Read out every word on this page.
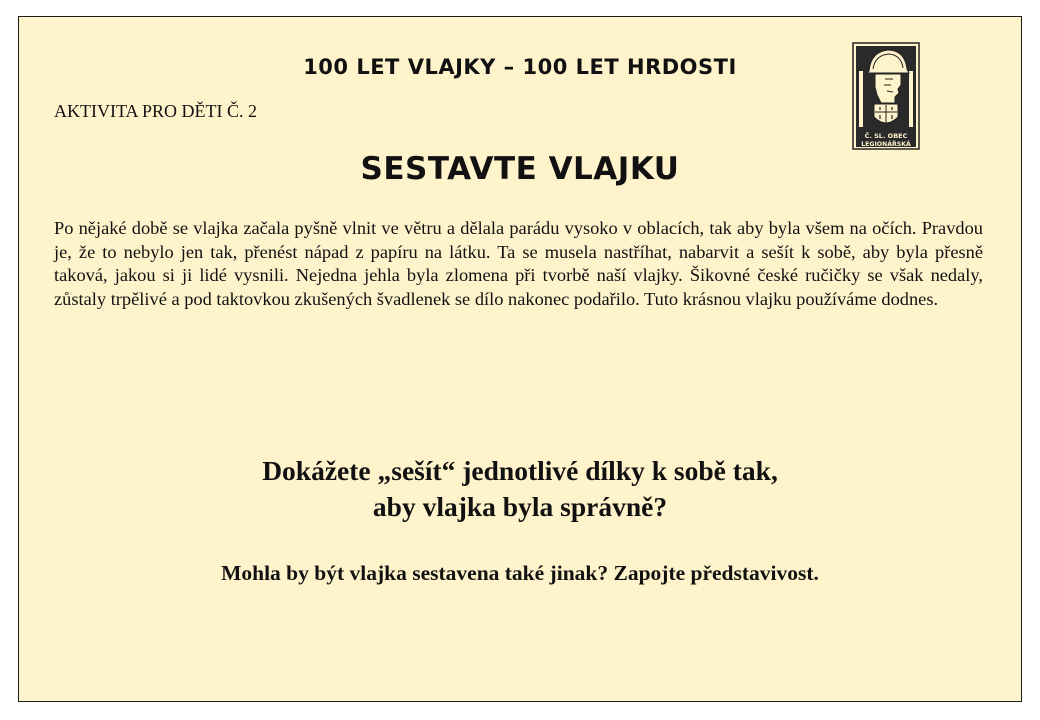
100 LET VLAJKY – 100 LET HRDOSTI
AKTIVITA PRO DĚTI Č. 2
Č. SL. OBEC
LEGIONÁŘSKÁ
SESTAVTE VLAJKU
Po nějaké době se vlajka začala pyšně vlnit ve větru a dělala parádu vysoko v oblacích, tak aby byla všem na očích. Pravdou je, že to nebylo jen tak, přenést nápad z papíru na látku. Ta se musela nastříhat, nabarvit a sešít k sobě, aby byla přesně taková, jakou si ji lidé vysnili. Nejedna jehla byla zlomena při tvorbě naší vlajky. Šikovné české ručičky se však nedaly, zůstaly trpělivé a pod taktovkou zkušených švadlenek se dílo nakonec podařilo. Tuto krásnou vlajku používáme dodnes.
Dokážete „sešít“ jednotlivé dílky k sobě tak,
aby vlajka byla správně?
Mohla by být vlajka sestavena také jinak? Zapojte představivost.
